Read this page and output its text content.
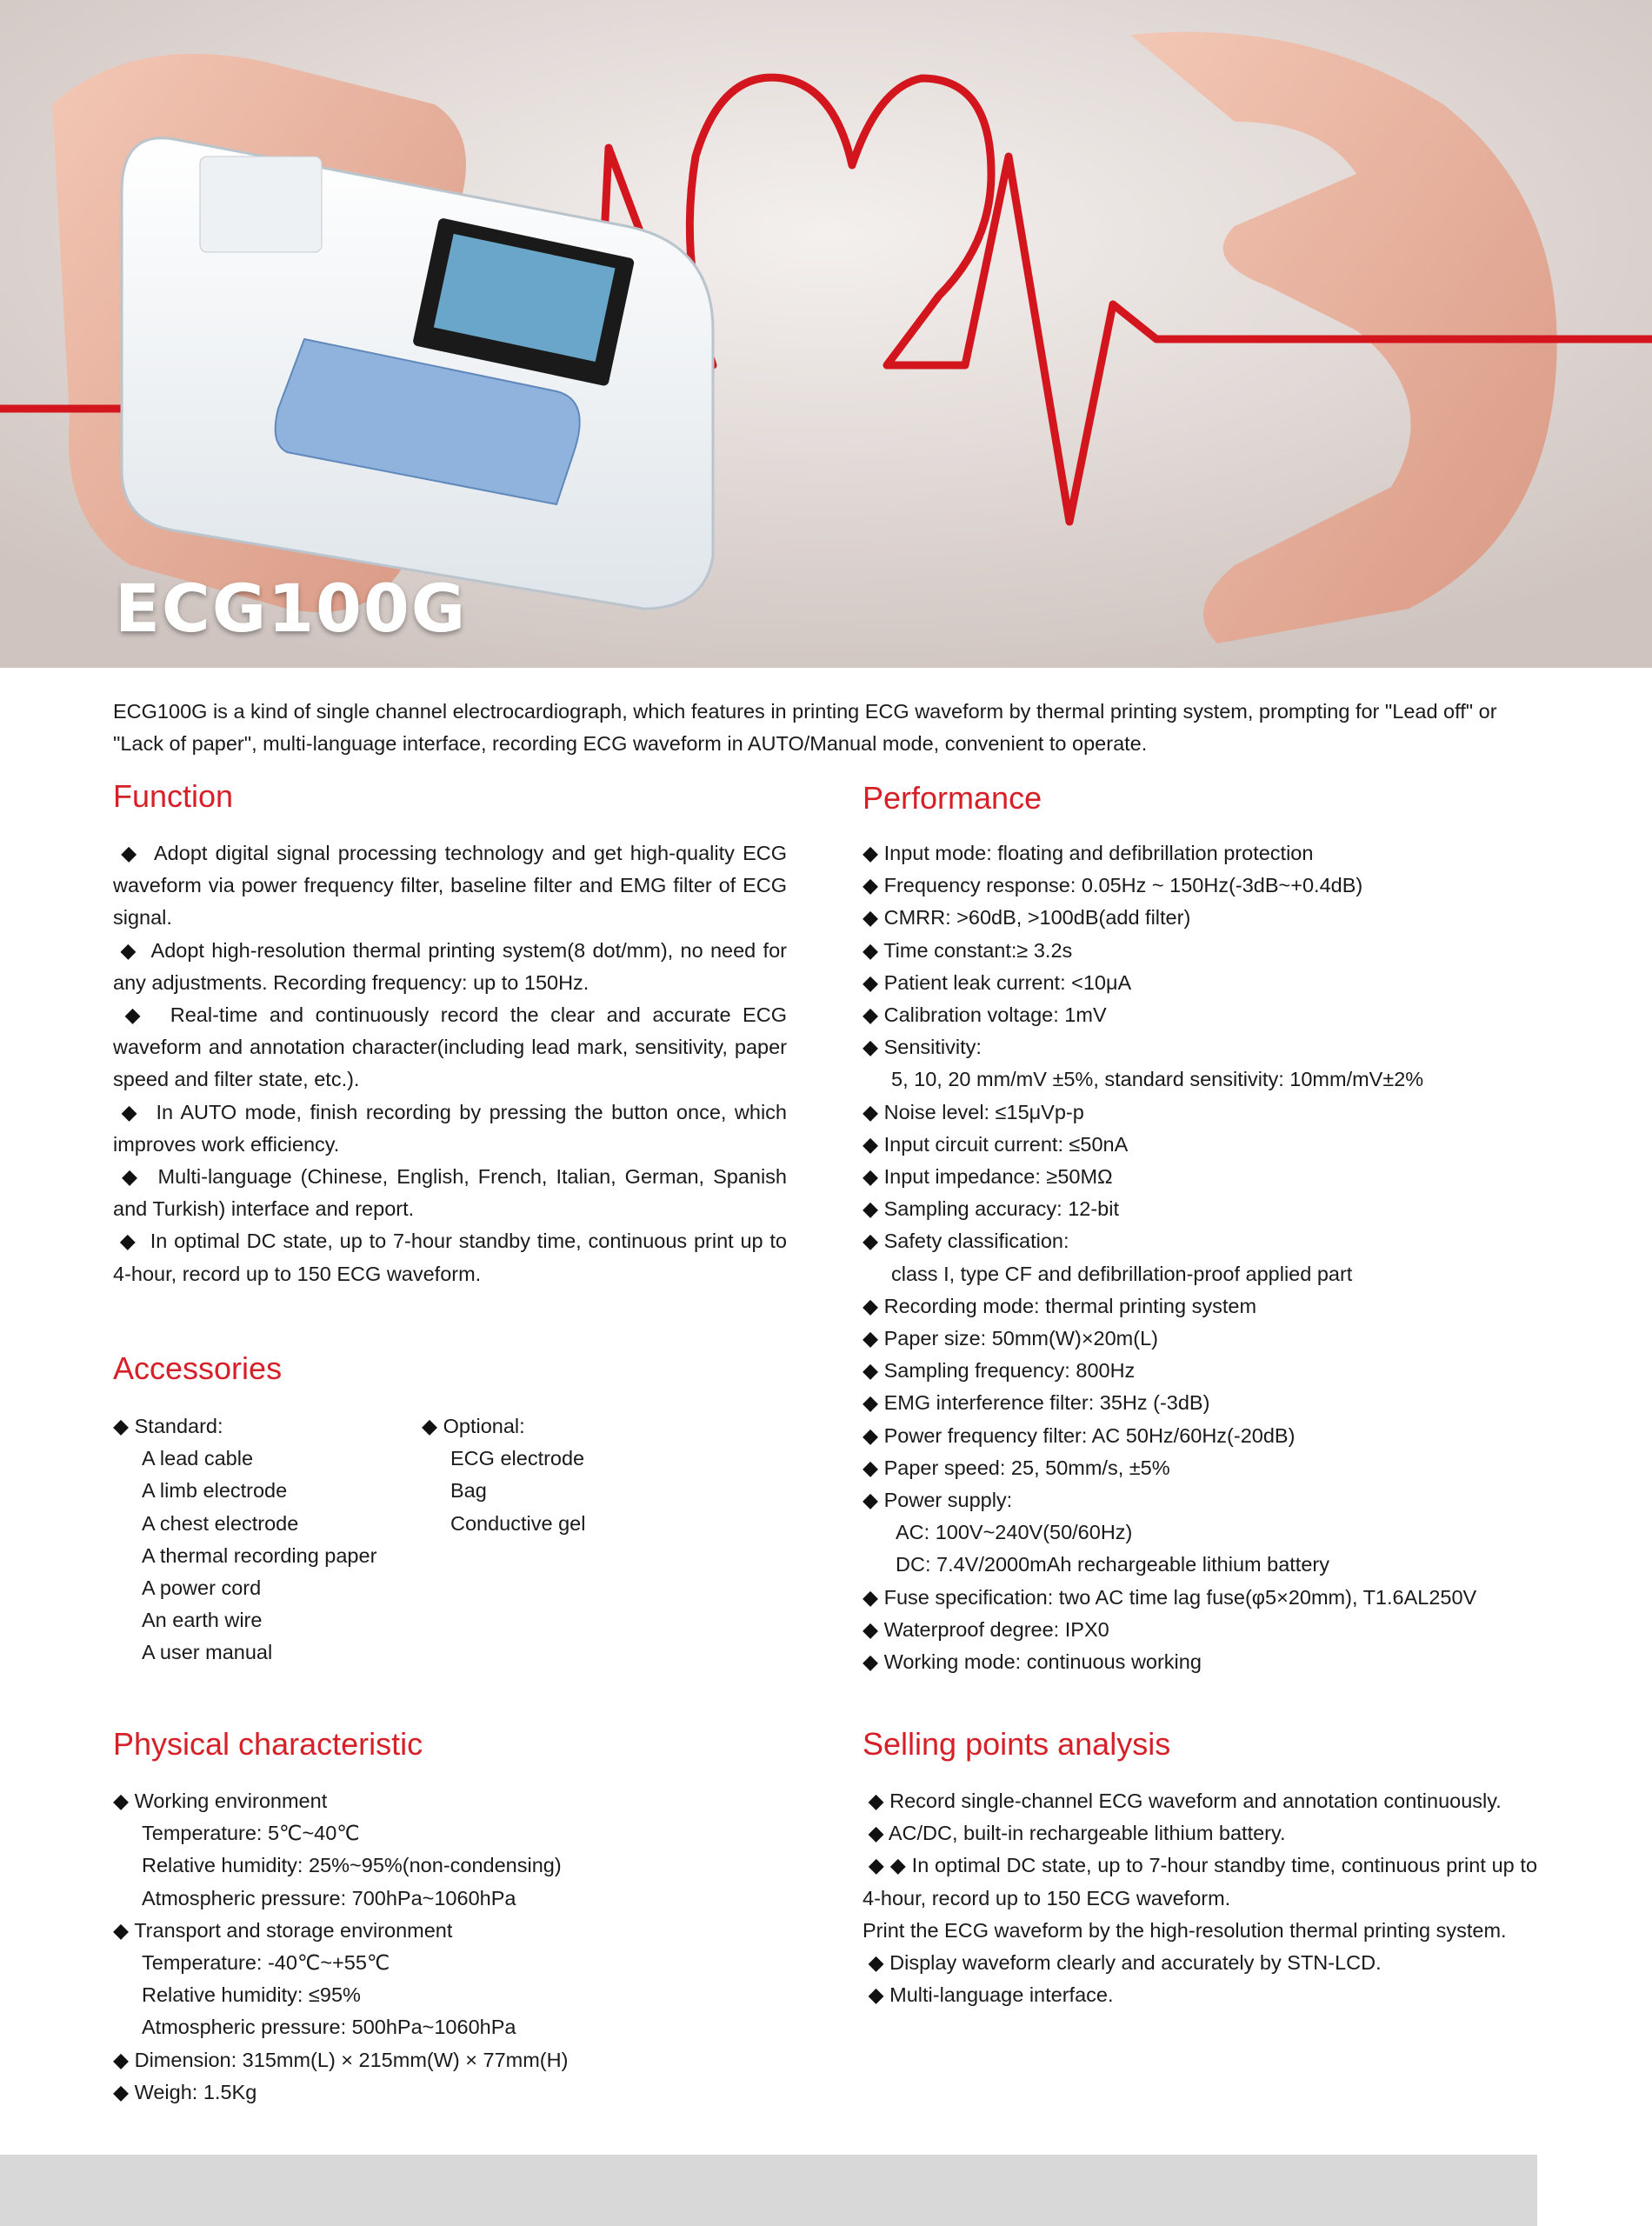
ECG100G
ECG100G is a kind of single channel electrocardiograph, which features in printing ECG waveform by thermal printing system, prompting for "Lead off" or "Lack of paper", multi-language interface, recording ECG waveform in AUTO/Manual mode, convenient to operate.
Function

◆  Adopt digital signal processing technology and get high-quality ECG waveform via power frequency filter, baseline filter and EMG filter of ECG signal.

◆  Adopt high-resolution thermal printing system(8 dot/mm), no need for any adjustments. Recording frequency: up to 150Hz.

◆  Real-time and continuously record the clear and accurate ECG waveform and annotation character(including lead mark, sensitivity, paper speed and filter state, etc.).

◆  In AUTO mode, finish recording by pressing the button once, which improves work efficiency.

◆  Multi-language (Chinese, English, French, Italian, German, Spanish and Turkish) interface and report.

◆  In optimal DC state, up to 7-hour standby time, continuous print up to 4-hour, record up to 150 ECG waveform.

Accessories

◆ Standard:

A lead cable

A limb electrode

A chest electrode

A thermal recording paper

A power cord

An earth wire

A user manual

◆ Optional:

ECG electrode

Bag

Conductive gel

Physical characteristic

◆ Working environment

Temperature: 5℃~40℃

Relative humidity: 25%~95%(non-condensing)

Atmospheric pressure: 700hPa~1060hPa

◆ Transport and storage environment

Temperature: -40℃~+55℃

Relative humidity: ≤95%

Atmospheric pressure: 500hPa~1060hPa

◆ Dimension: 315mm(L) × 215mm(W) × 77mm(H)

◆ Weigh: 1.5Kg

Performance

◆ Input mode: floating and defibrillation protection

◆ Frequency response: 0.05Hz ~ 150Hz(-3dB~+0.4dB)

◆ CMRR: >60dB, >100dB(add filter)

◆ Time constant:≥ 3.2s

◆ Patient leak current: <10μA

◆ Calibration voltage: 1mV

◆ Sensitivity:

5, 10, 20 mm/mV ±5%, standard sensitivity: 10mm/mV±2%

◆ Noise level: ≤15μVp-p

◆ Input circuit current: ≤50nA

◆ Input impedance: ≥50MΩ

◆ Sampling accuracy: 12-bit

◆ Safety classification:

class I, type CF and defibrillation-proof applied part

◆ Recording mode: thermal printing system

◆ Paper size: 50mm(W)×20m(L)

◆ Sampling frequency: 800Hz

◆ EMG interference filter: 35Hz (-3dB)

◆ Power frequency filter: AC 50Hz/60Hz(-20dB)

◆ Paper speed: 25, 50mm/s, ±5%

◆ Power supply:

AC: 100V~240V(50/60Hz)

DC: 7.4V/2000mAh rechargeable lithium battery

◆ Fuse specification: two AC time lag fuse(φ5×20mm), T1.6AL250V

◆ Waterproof degree: IPX0

◆ Working mode: continuous working

Selling points analysis

◆ Record single-channel ECG waveform and annotation continuously.

◆ AC/DC, built-in rechargeable lithium battery.

◆ ◆ In optimal DC state, up to 7-hour standby time, continuous print up to 4-hour, record up to 150 ECG waveform.

Print the ECG waveform by the high-resolution thermal printing system.

◆ Display waveform clearly and accurately by STN-LCD.

◆ Multi-language interface.
